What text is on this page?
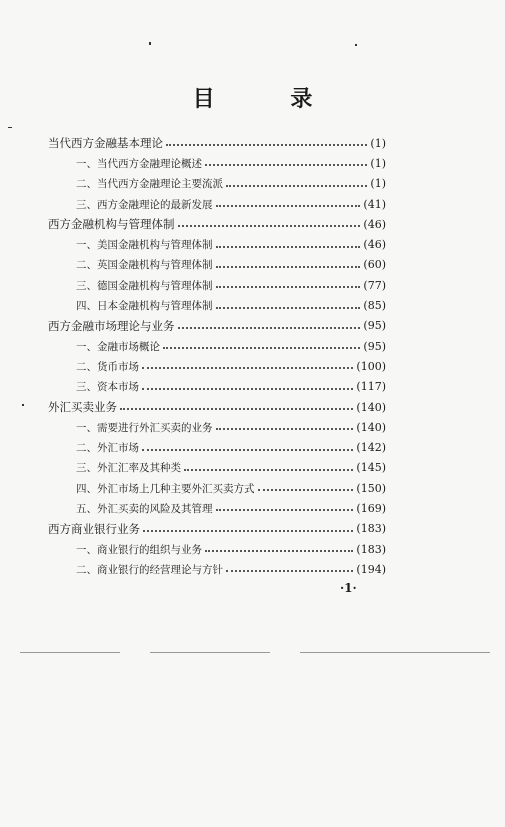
目 录
当代西方金融基本理论	(1)
一、当代西方金融理论概述	(1)
二、当代西方金融理论主要流派	(1)
三、西方金融理论的最新发展	(41)
西方金融机构与管理体制	(46)
一、美国金融机构与管理体制	(46)
二、英国金融机构与管理体制	(60)
三、德国金融机构与管理体制	(77)
四、日本金融机构与管理体制	(85)
西方金融市场理论与业务	(95)
一、金融市场概论	(95)
二、货币市场	(100)
三、资本市场	(117)
外汇买卖业务	(140)
一、需要进行外汇买卖的业务	(140)
二、外汇市场	(142)
三、外汇汇率及其种类	(145)
四、外汇市场上几种主要外汇买卖方式	(150)
五、外汇买卖的风险及其管理	(169)
西方商业银行业务	(183)
一、商业银行的组织与业务	(183)
二、商业银行的经营理论与方针	(194)
·1·
